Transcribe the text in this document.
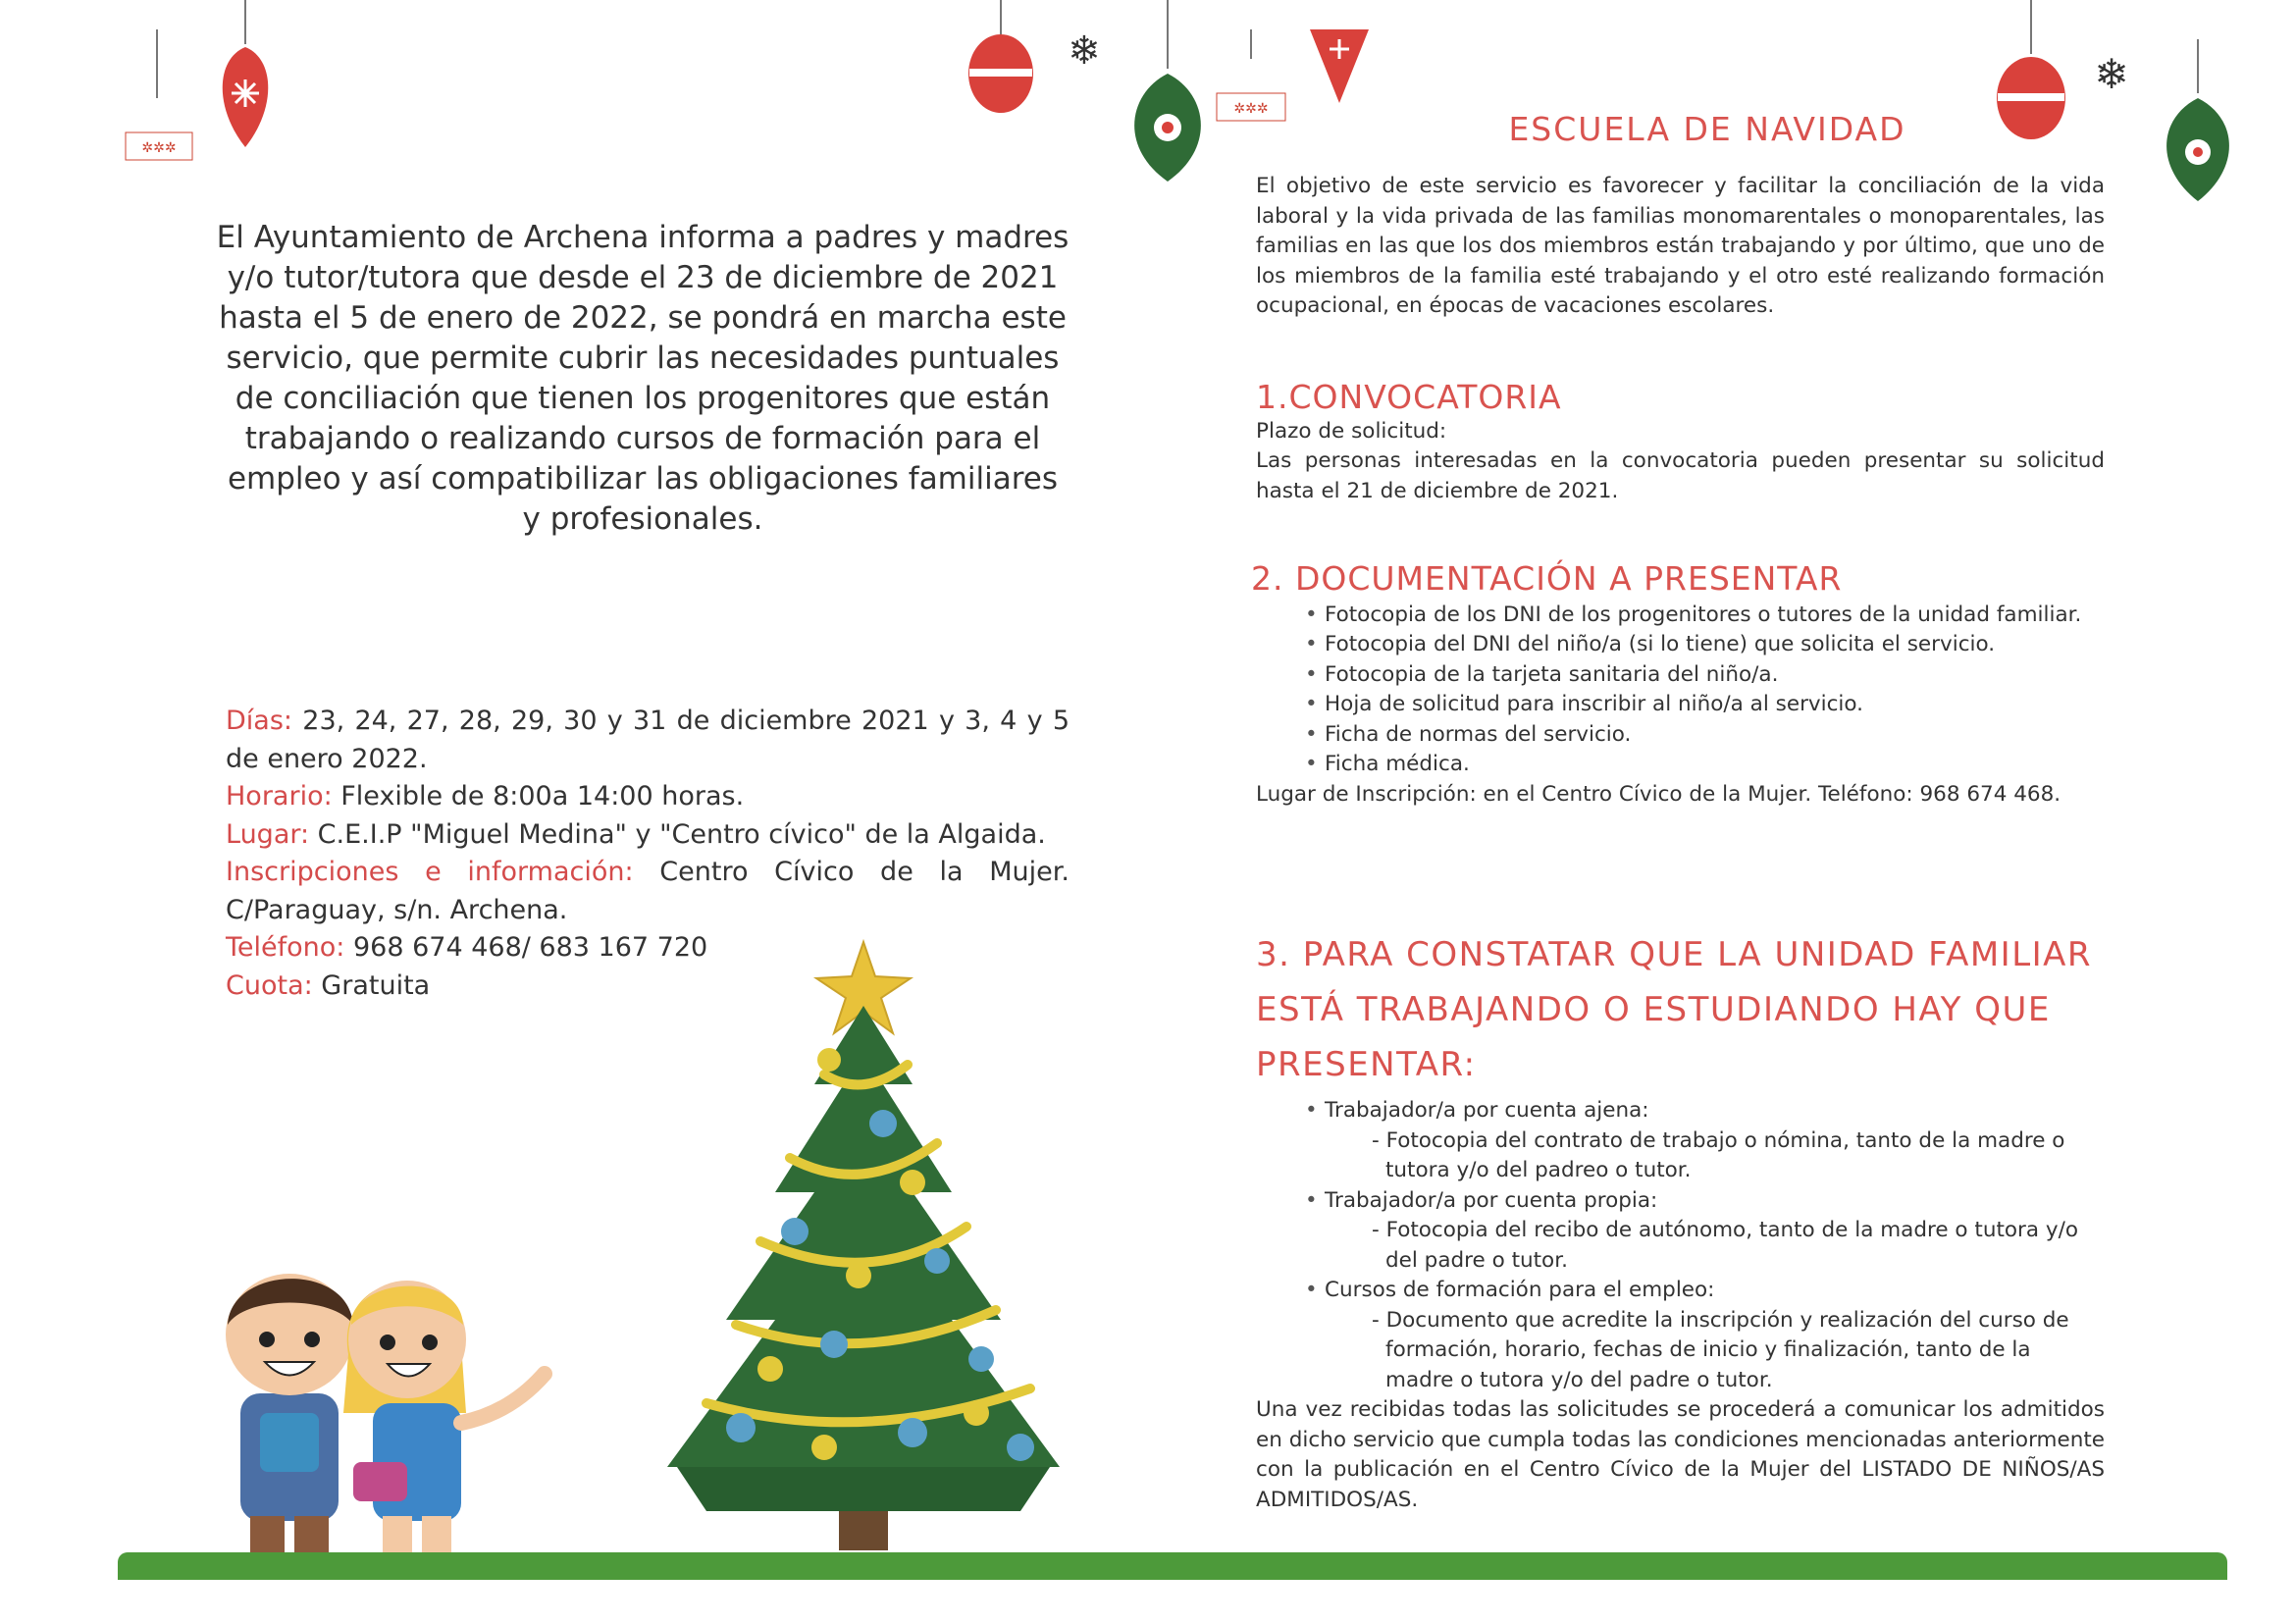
✲✲✲
❄
✲✲✲
❄
El Ayuntamiento de Archena informa a padres y madres y/o tutor/tutora que desde el 23 de diciembre de 2021 hasta el 5 de enero de 2022, se pondrá en marcha este servicio, que permite cubrir las necesidades puntuales de conciliación que tienen los progenitores que están trabajando o realizando cursos de formación para el empleo y así compatibilizar las obligaciones familiares y profesionales.
Días: 23, 24, 27, 28, 29, 30 y 31 de diciembre 2021 y 3, 4 y 5 de enero 2022.
Horario: Flexible de 8:00a 14:00 horas.
Lugar: C.E.I.P "Miguel Medina" y "Centro cívico" de la Algaida.
Inscripciones e información: Centro Cívico de la Mujer. C/Paraguay, s/n. Archena.
Teléfono: 968 674 468/ 683 167 720
Cuota: Gratuita
ESCUELA DE NAVIDAD
El objetivo de este servicio es favorecer y facilitar la conciliación de la vida laboral y la vida privada de las familias monomarentales o monoparentales, las familias en las que los dos miembros están trabajando y por último, que uno de los miembros de la familia esté trabajando y el otro esté realizando formación ocupacional, en épocas de vacaciones escolares.
1.CONVOCATORIA
Plazo de solicitud:
Las personas interesadas en la convocatoria pueden presentar su solicitud hasta el 21 de diciembre de 2021.
2. DOCUMENTACIÓN A PRESENTAR
• Fotocopia de los DNI de los progenitores o tutores de la unidad familiar.
• Fotocopia del DNI del niño/a (si lo tiene) que solicita el servicio.
• Fotocopia de la tarjeta sanitaria del niño/a.
• Hoja de solicitud para inscribir al niño/a al servicio.
• Ficha de normas del servicio.
• Ficha médica.
Lugar de Inscripción: en el Centro Cívico de la Mujer. Teléfono: 968 674 468.
3. PARA CONSTATAR QUE LA UNIDAD FAMILIAR ESTÁ TRABAJANDO O ESTUDIANDO HAY QUE PRESENTAR:
• Trabajador/a por cuenta ajena:
- Fotocopia del contrato de trabajo o nómina, tanto de la madre o tutora y/o del padreo o tutor.
• Trabajador/a por cuenta propia:
- Fotocopia del recibo de autónomo, tanto de la madre o tutora y/o del padre o tutor.
• Cursos de formación para el empleo:
- Documento que acredite la inscripción y realización del curso de formación, horario, fechas de inicio y finalización, tanto de la madre o tutora y/o del padre o tutor.
Una vez recibidas todas las solicitudes se procederá a comunicar los admitidos en dicho servicio que cumpla todas las condiciones mencionadas anteriormente con la publicación en el Centro Cívico de la Mujer del LISTADO DE NIÑOS/AS ADMITIDOS/AS.
